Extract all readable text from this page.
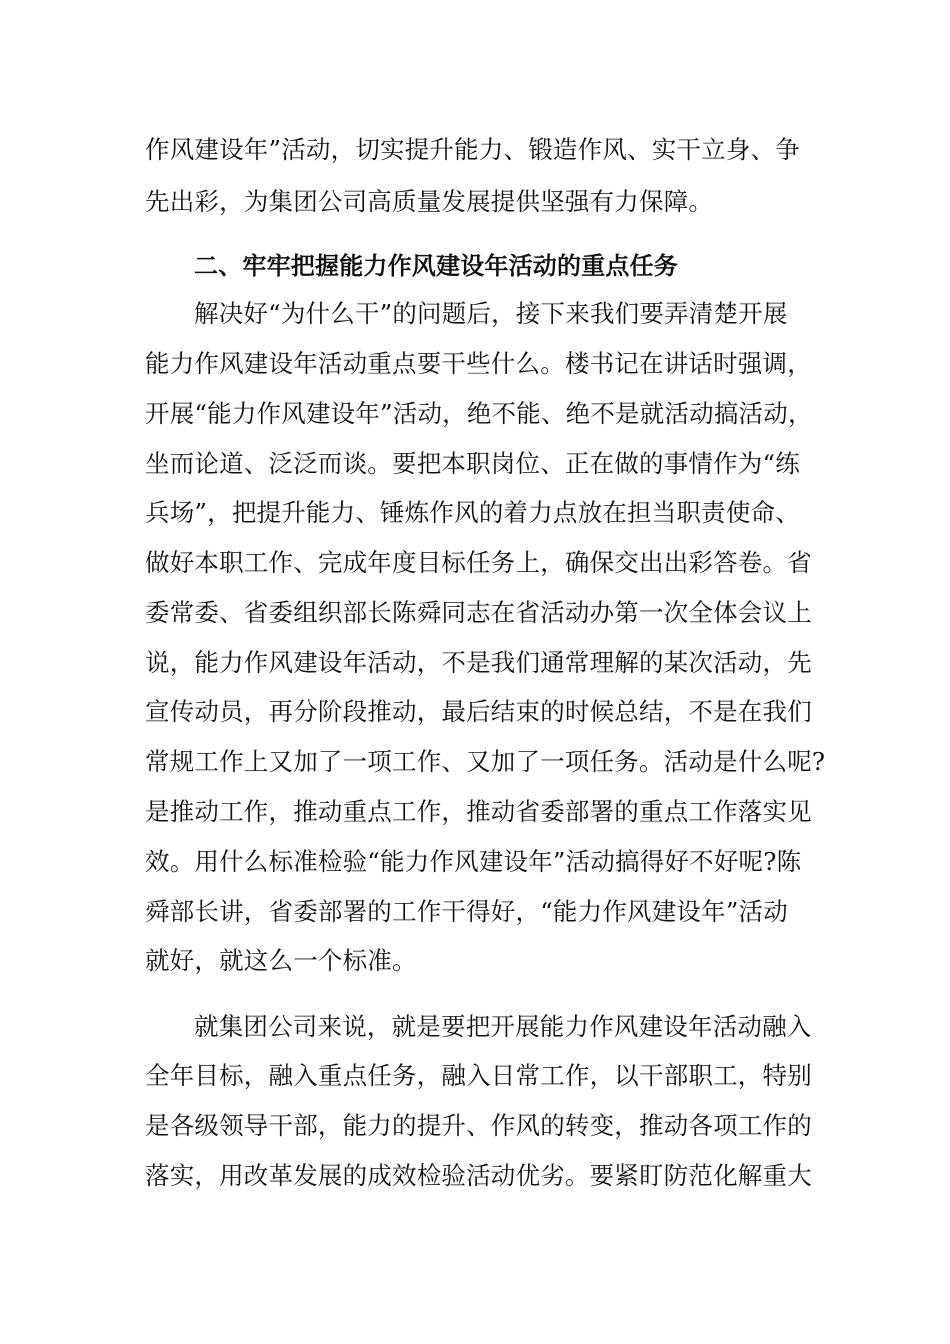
作风建设年”活动，切实提升能力、锻造作风、实干立身、争
先出彩，为集团公司高质量发展提供坚强有力保障。
二、牢牢把握能力作风建设年活动的重点任务
解决好“为什么干”的问题后，接下来我们要弄清楚开展
能力作风建设年活动重点要干些什么。楼书记在讲话时强调，
开展“能力作风建设年”活动，绝不能、绝不是就活动搞活动，
坐而论道、泛泛而谈。要把本职岗位、正在做的事情作为“练
兵场”，把提升能力、锤炼作风的着力点放在担当职责使命、
做好本职工作、完成年度目标任务上，确保交出出彩答卷。省
委常委、省委组织部长陈舜同志在省活动办第一次全体会议上
说，能力作风建设年活动，不是我们通常理解的某次活动，先
宣传动员，再分阶段推动，最后结束的时候总结，不是在我们
常规工作上又加了一项工作、又加了一项任务。活动是什么呢?
是推动工作，推动重点工作，推动省委部署的重点工作落实见
效。用什么标准检验“能力作风建设年”活动搞得好不好呢?陈
舜部长讲，省委部署的工作干得好，“能力作风建设年”活动
就好，就这么一个标准。
就集团公司来说，就是要把开展能力作风建设年活动融入
全年目标，融入重点任务，融入日常工作，以干部职工，特别
是各级领导干部，能力的提升、作风的转变，推动各项工作的
落实，用改革发展的成效检验活动优劣。要紧盯防范化解重大
